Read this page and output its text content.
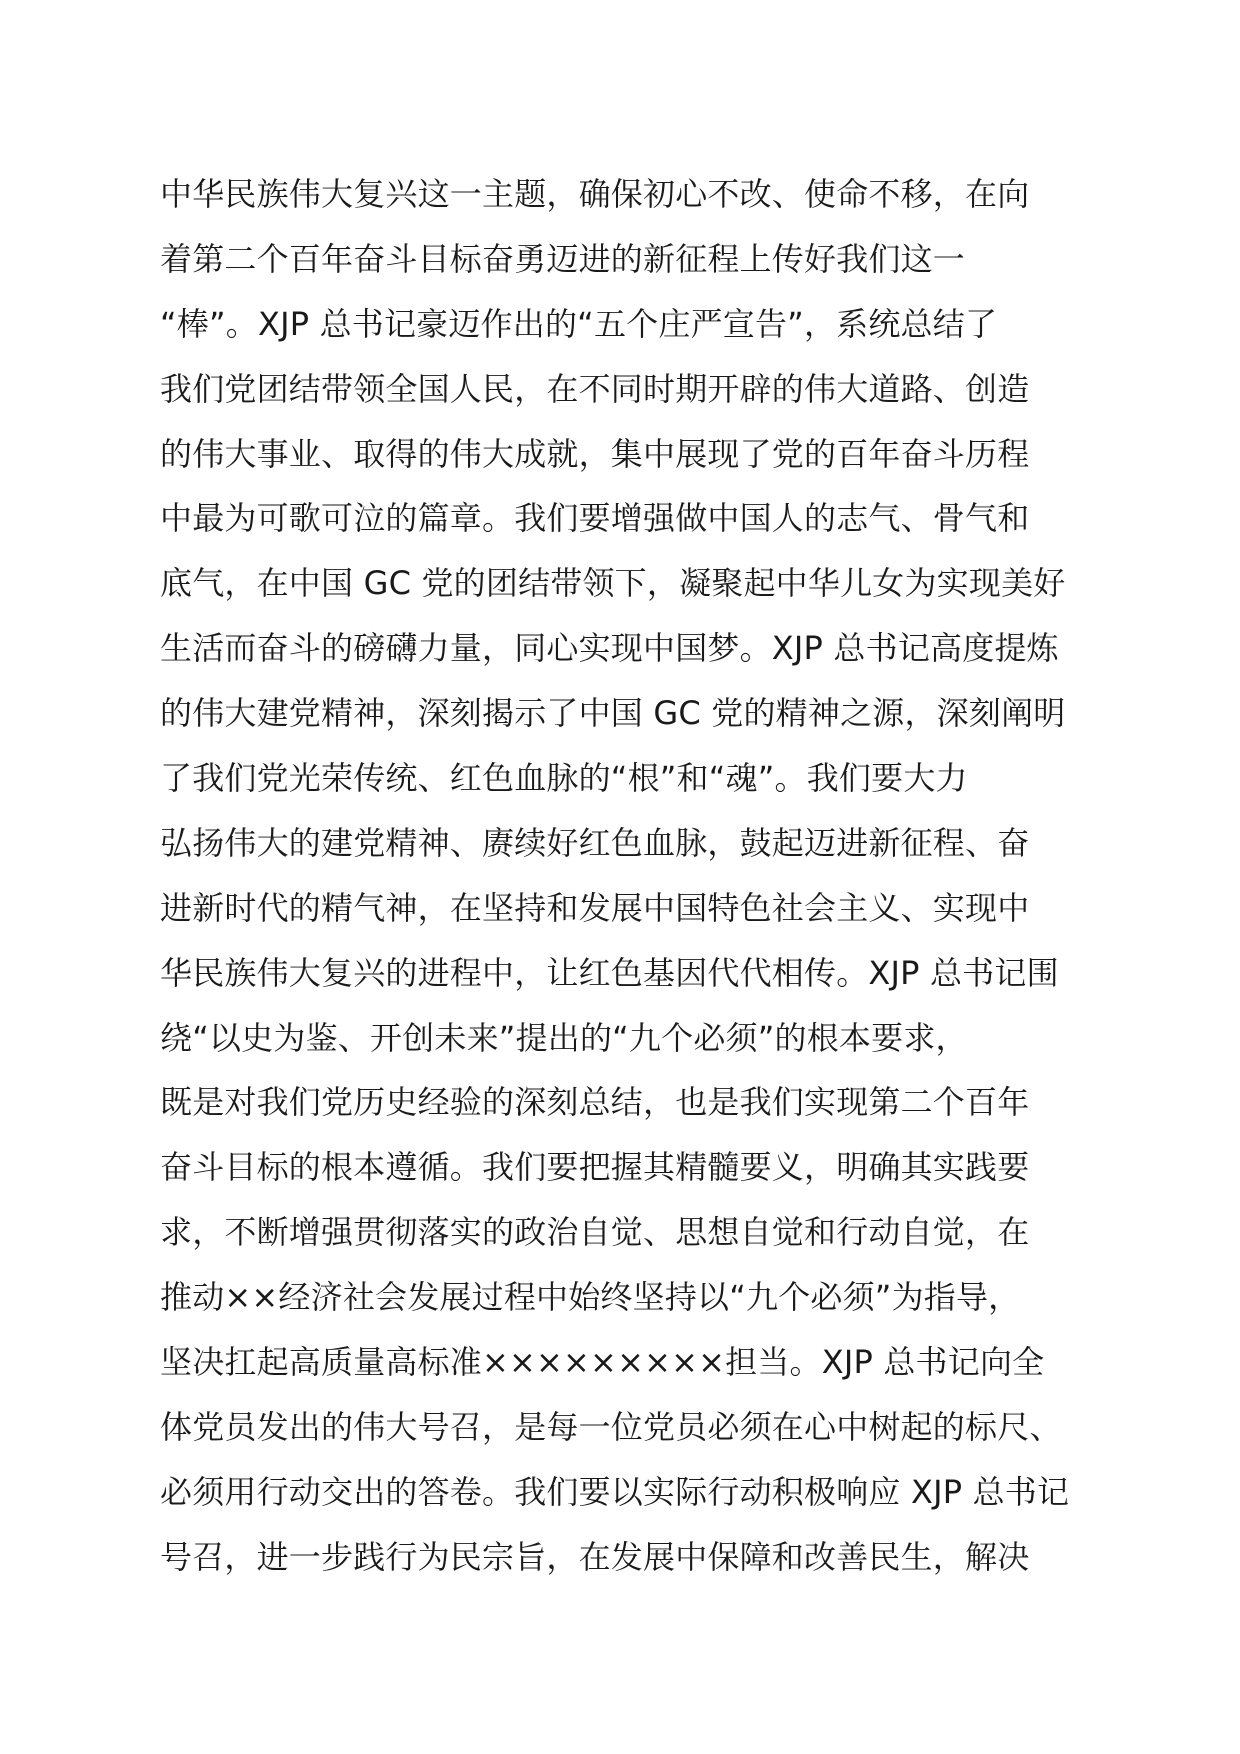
中华民族伟大复兴这一主题，确保初心不改、使命不移，在向
着第二个百年奋斗目标奋勇迈进的新征程上传好我们这一
“棒”。XJP 总书记豪迈作出的“五个庄严宣告”，系统总结了
我们党团结带领全国人民，在不同时期开辟的伟大道路、创造
的伟大事业、取得的伟大成就，集中展现了党的百年奋斗历程
中最为可歌可泣的篇章。我们要增强做中国人的志气、骨气和
底气，在中国 GC 党的团结带领下，凝聚起中华儿女为实现美好
生活而奋斗的磅礴力量，同心实现中国梦。XJP 总书记高度提炼
的伟大建党精神，深刻揭示了中国 GC 党的精神之源，深刻阐明
了我们党光荣传统、红色血脉的“根”和“魂”。我们要大力
弘扬伟大的建党精神、赓续好红色血脉，鼓起迈进新征程、奋
进新时代的精气神，在坚持和发展中国特色社会主义、实现中
华民族伟大复兴的进程中，让红色基因代代相传。XJP 总书记围
绕“以史为鉴、开创未来”提出的“九个必须”的根本要求，
既是对我们党历史经验的深刻总结，也是我们实现第二个百年
奋斗目标的根本遵循。我们要把握其精髓要义，明确其实践要
求，不断增强贯彻落实的政治自觉、思想自觉和行动自觉，在
推动××经济社会发展过程中始终坚持以“九个必须”为指导，
坚决扛起高质量高标准×××××××××担当。XJP 总书记向全
体党员发出的伟大号召，是每一位党员必须在心中树起的标尺、
必须用行动交出的答卷。我们要以实际行动积极响应 XJP 总书记
号召，进一步践行为民宗旨，在发展中保障和改善民生，解决
